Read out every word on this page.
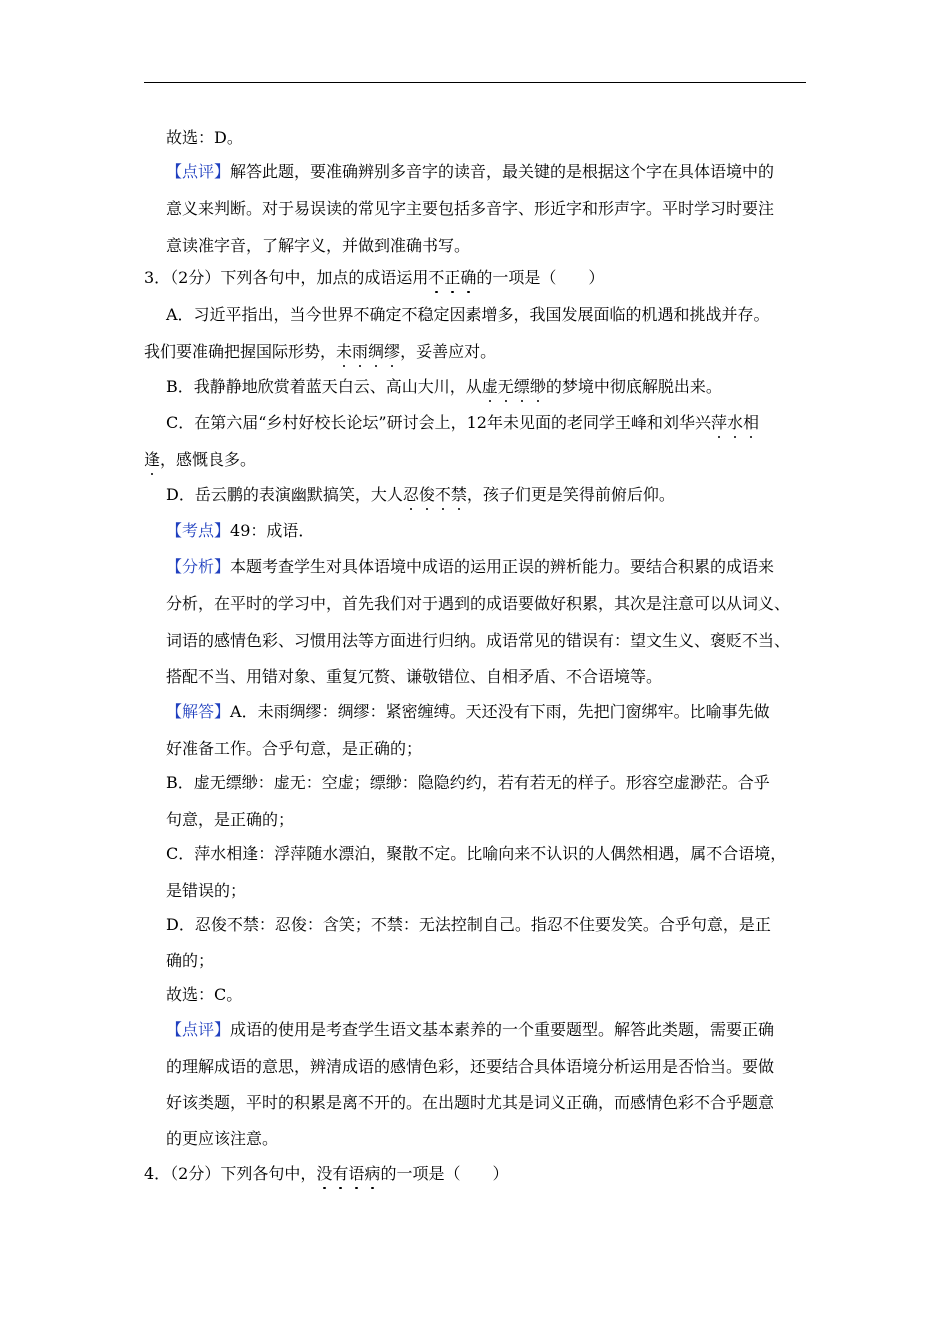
故选：D。
【点评】解答此题，要准确辨别多音字的读音，最关键的是根据这个字在具体语境中的
意义来判断。对于易误读的常见字主要包括多音字、形近字和形声字。平时学习时要注
意读准字音，了解字义，并做到准确书写。
3．（2分）下列各句中，加点的成语运用不正确的一项是（　　）
A．习近平指出，当今世界不确定不稳定因素增多，我国发展面临的机遇和挑战并存。
我们要准确把握国际形势，未雨绸缪，妥善应对。
B．我静静地欣赏着蓝天白云、高山大川，从虚无缥缈的梦境中彻底解脱出来。
C．在第六届“乡村好校长论坛”研讨会上，12年未见面的老同学王峰和刘华兴萍水相
逢，感慨良多。
D．岳云鹏的表演幽默搞笑，大人忍俊不禁，孩子们更是笑得前俯后仰。
【考点】49：成语．
【分析】本题考查学生对具体语境中成语的运用正误的辨析能力。要结合积累的成语来
分析，在平时的学习中，首先我们对于遇到的成语要做好积累，其次是注意可以从词义、
词语的感情色彩、习惯用法等方面进行归纳。成语常见的错误有：望文生义、褒贬不当、
搭配不当、用错对象、重复冗赘、谦敬错位、自相矛盾、不合语境等。
【解答】A．未雨绸缪：绸缪：紧密缠缚。天还没有下雨，先把门窗绑牢。比喻事先做
好准备工作。合乎句意，是正确的；
B．虚无缥缈：虚无：空虚；缥缈：隐隐约约，若有若无的样子。形容空虚渺茫。合乎
句意，是正确的；
C．萍水相逢：浮萍随水漂泊，聚散不定。比喻向来不认识的人偶然相遇，属不合语境，
是错误的；
D．忍俊不禁：忍俊：含笑；不禁：无法控制自己。指忍不住要发笑。合乎句意，是正
确的；
故选：C。
【点评】成语的使用是考查学生语文基本素养的一个重要题型。解答此类题，需要正确
的理解成语的意思，辨清成语的感情色彩，还要结合具体语境分析运用是否恰当。要做
好该类题，平时的积累是离不开的。在出题时尤其是词义正确，而感情色彩不合乎题意
的更应该注意。
4．（2分）下列各句中，没有语病的一项是（　　）
